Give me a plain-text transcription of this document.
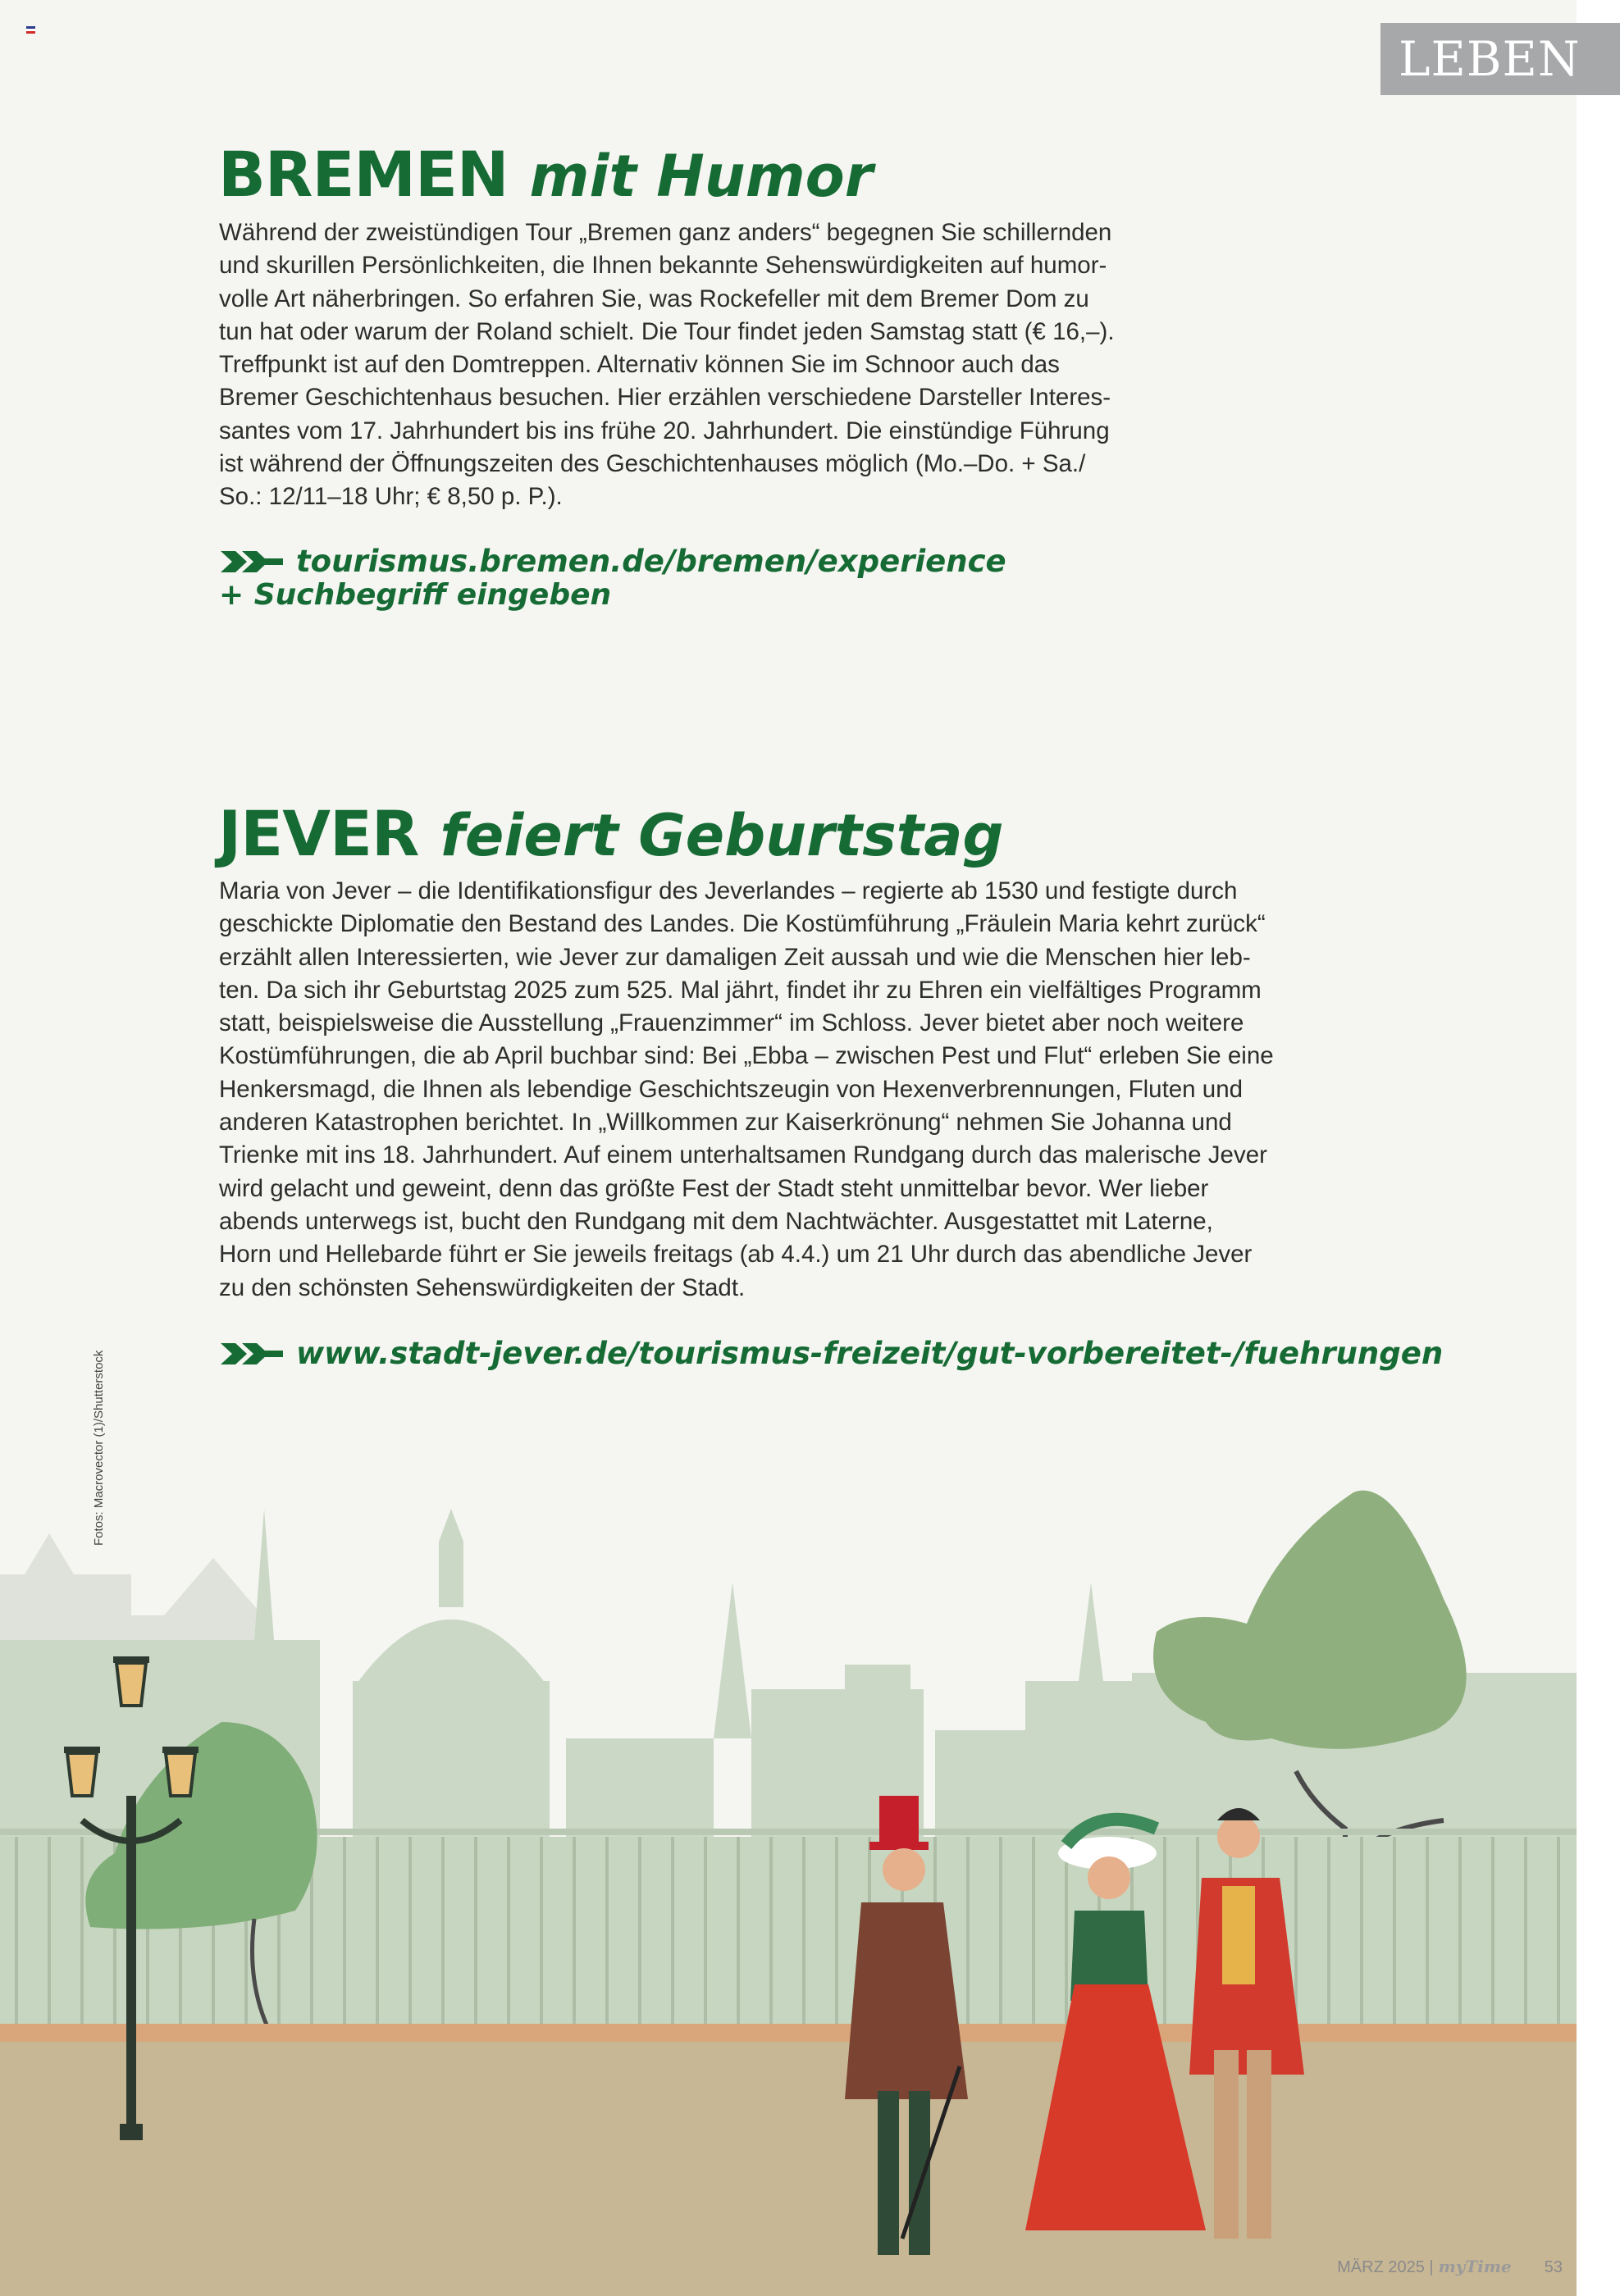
LEBEN
BREMEN mit Humor
Während der zweistündigen Tour „Bremen ganz anders“ begegnen Sie schillernden
und skurillen Persönlichkeiten, die Ihnen bekannte Sehenswürdigkeiten auf humor-
volle Art näherbringen. So erfahren Sie, was Rockefeller mit dem Bremer Dom zu
tun hat oder warum der Roland schielt. Die Tour findet jeden Samstag statt (€ 16,–).
Treffpunkt ist auf den Domtreppen. Alternativ können Sie im Schnoor auch das
Bremer Geschichtenhaus besuchen. Hier erzählen verschiedene Darsteller Interes-
santes vom 17. Jahrhundert bis ins frühe 20. Jahrhundert. Die einstündige Führung
ist während der Öffnungszeiten des Geschichtenhauses möglich (Mo.–Do. + Sa./
So.: 12/11–18 Uhr; € 8,50 p. P.).
tourismus.bremen.de/bremen/experience
+ Suchbegriff eingeben
JEVER feiert Geburtstag
Maria von Jever – die Identifikationsfigur des Jeverlandes – regierte ab 1530 und festigte durch
geschickte Diplomatie den Bestand des Landes. Die Kostümführung „Fräulein Maria kehrt zurück“
erzählt allen Interessierten, wie Jever zur damaligen Zeit aussah und wie die Menschen hier leb-
ten. Da sich ihr Geburtstag 2025 zum 525. Mal jährt, findet ihr zu Ehren ein vielfältiges Programm
statt, beispielsweise die Ausstellung „Frauenzimmer“ im Schloss. Jever bietet aber noch weitere
Kostümführungen, die ab April buchbar sind: Bei „Ebba – zwischen Pest und Flut“ erleben Sie eine
Henkersmagd, die Ihnen als lebendige Geschichtszeugin von Hexenverbrennungen, Fluten und
anderen Katastrophen berichtet. In „Willkommen zur Kaiserkrönung“ nehmen Sie Johanna und
Trienke mit ins 18. Jahrhundert. Auf einem unterhaltsamen Rundgang durch das malerische Jever
wird gelacht und geweint, denn das größte Fest der Stadt steht unmittelbar bevor. Wer lieber
abends unterwegs ist, bucht den Rundgang mit dem Nachtwächter. Ausgestattet mit Laterne,
Horn und Hellebarde führt er Sie jeweils freitags (ab 4.4.) um 21 Uhr durch das abendliche Jever
zu den schönsten Sehenswürdigkeiten der Stadt.
www.stadt-jever.de/tourismus-freizeit/gut-vorbereitet-/fuehrungen
Fotos: Macrovector (1)/Shutterstock
MÄRZ 2025 | myTime 53
